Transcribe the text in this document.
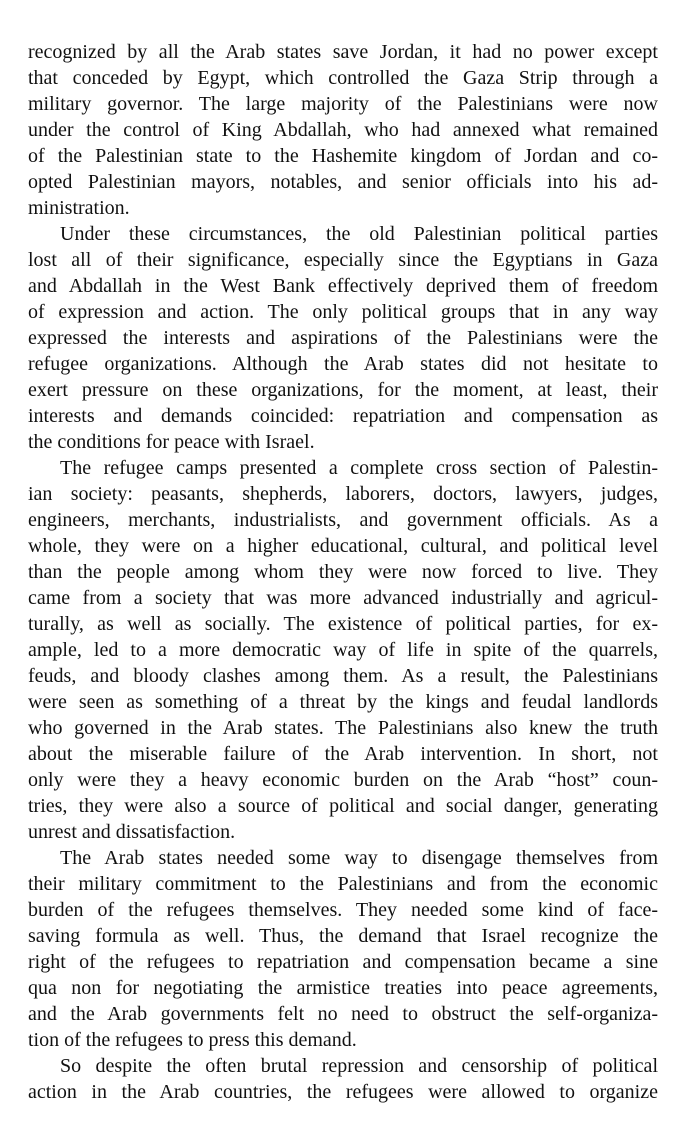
recognized by all the Arab states save Jordan, it had no power except
that conceded by Egypt, which controlled the Gaza Strip through a
military governor. The large majority of the Palestinians were now
under the control of King Abdallah, who had annexed what remained
of the Palestinian state to the Hashemite kingdom of Jordan and co-
opted Palestinian mayors, notables, and senior officials into his ad-
ministration.
Under these circumstances, the old Palestinian political parties
lost all of their significance, especially since the Egyptians in Gaza
and Abdallah in the West Bank effectively deprived them of freedom
of expression and action. The only political groups that in any way
expressed the interests and aspirations of the Palestinians were the
refugee organizations. Although the Arab states did not hesitate to
exert pressure on these organizations, for the moment, at least, their
interests and demands coincided: repatriation and compensation as
the conditions for peace with Israel.
The refugee camps presented a complete cross section of Palestin-
ian society: peasants, shepherds, laborers, doctors, lawyers, judges,
engineers, merchants, industrialists, and government officials. As a
whole, they were on a higher educational, cultural, and political level
than the people among whom they were now forced to live. They
came from a society that was more advanced industrially and agricul-
turally, as well as socially. The existence of political parties, for ex-
ample, led to a more democratic way of life in spite of the quarrels,
feuds, and bloody clashes among them. As a result, the Palestinians
were seen as something of a threat by the kings and feudal landlords
who governed in the Arab states. The Palestinians also knew the truth
about the miserable failure of the Arab intervention. In short, not
only were they a heavy economic burden on the Arab “host” coun-
tries, they were also a source of political and social danger, generating
unrest and dissatisfaction.
The Arab states needed some way to disengage themselves from
their military commitment to the Palestinians and from the economic
burden of the refugees themselves. They needed some kind of face-
saving formula as well. Thus, the demand that Israel recognize the
right of the refugees to repatriation and compensation became a sine
qua non for negotiating the armistice treaties into peace agreements,
and the Arab governments felt no need to obstruct the self-organiza-
tion of the refugees to press this demand.
So despite the often brutal repression and censorship of political
action in the Arab countries, the refugees were allowed to organize
